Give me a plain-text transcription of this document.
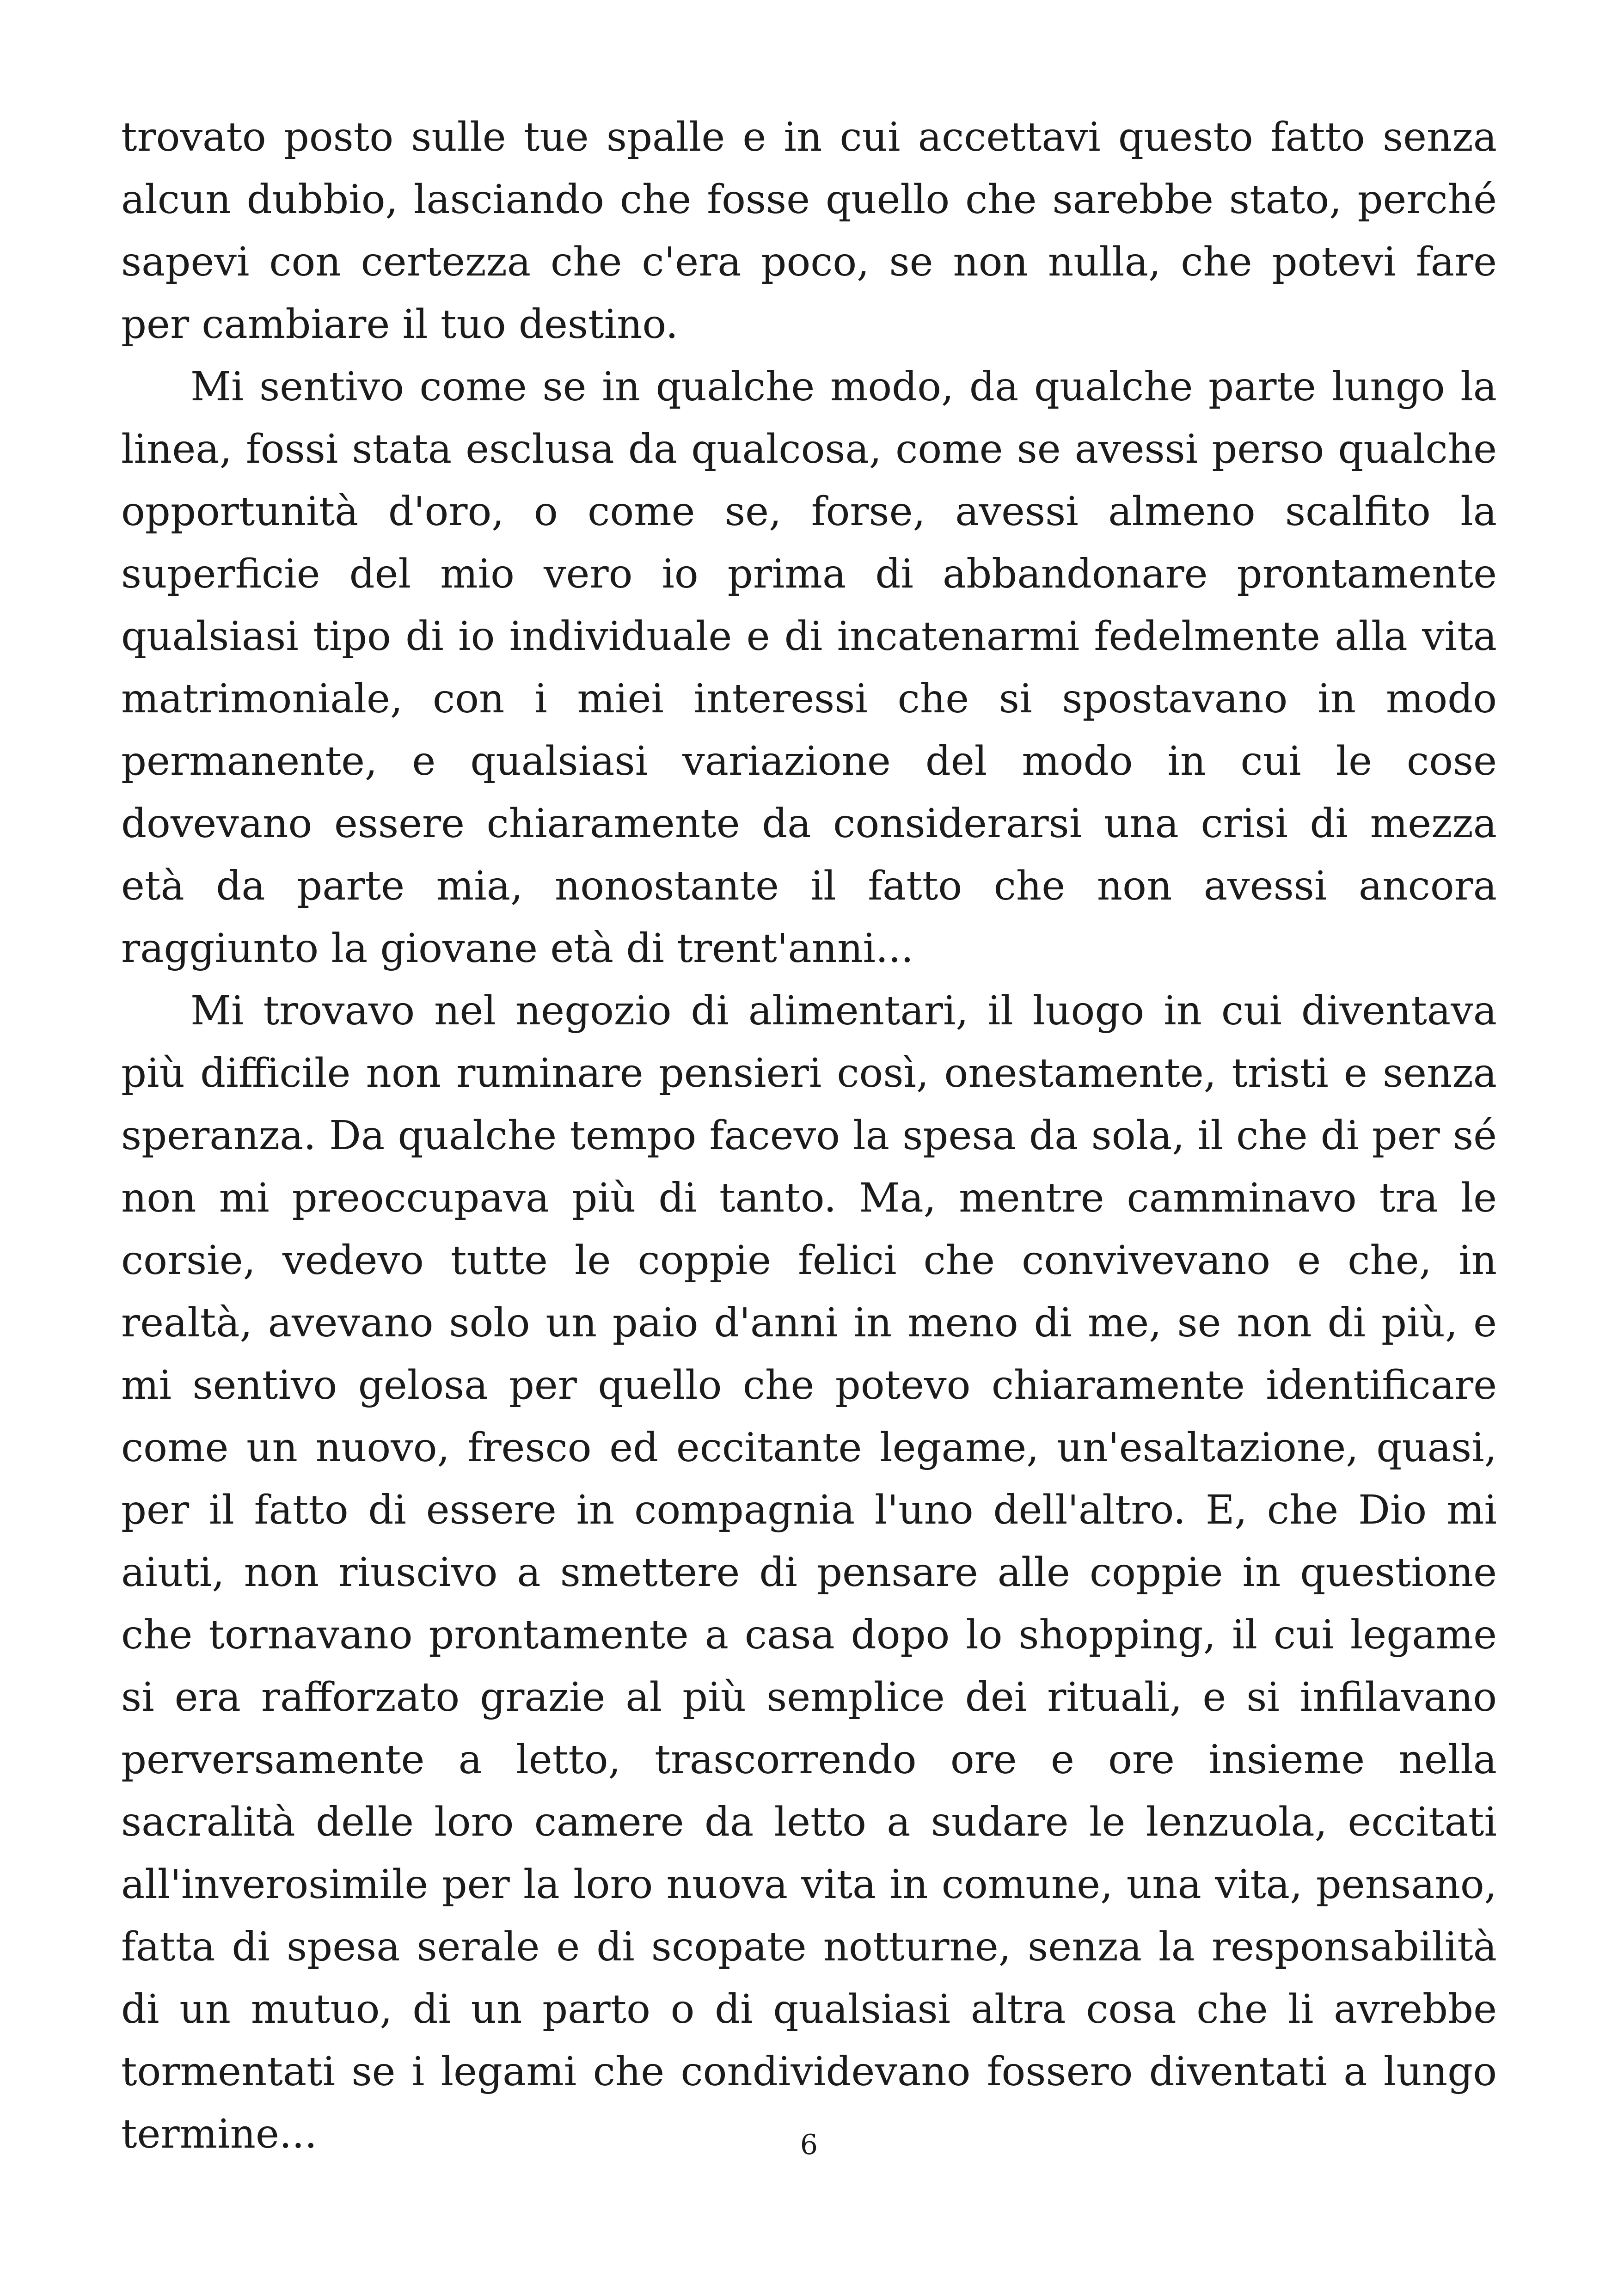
trovato posto sulle tue spalle e in cui accettavi questo fatto senza alcun dubbio, lasciando che fosse quello che sarebbe stato, perché sapevi con certezza che c'era poco, se non nulla, che potevi fare per cambiare il tuo destino.

Mi sentivo come se in qualche modo, da qualche parte lungo la linea, fossi stata esclusa da qualcosa, come se avessi perso qualche opportunità d'oro, o come se, forse, avessi almeno scalfito la superficie del mio vero io prima di abbandonare prontamente qualsiasi tipo di io individuale e di incatenarmi fedelmente alla vita matrimoniale, con i miei interessi che si spostavano in modo permanente, e qualsiasi variazione del modo in cui le cose dovevano essere chiaramente da considerarsi una crisi di mezza età da parte mia, nonostante il fatto che non avessi ancora raggiunto la giovane età di trent'anni...

Mi trovavo nel negozio di alimentari, il luogo in cui diventava più difficile non ruminare pensieri così, onestamente, tristi e senza speranza. Da qualche tempo facevo la spesa da sola, il che di per sé non mi preoccupava più di tanto. Ma, mentre camminavo tra le corsie, vedevo tutte le coppie felici che convivevano e che, in realtà, avevano solo un paio d'anni in meno di me, se non di più, e mi sentivo gelosa per quello che potevo chiaramente identificare come un nuovo, fresco ed eccitante legame, un'esaltazione, quasi, per il fatto di essere in compagnia l'uno dell'altro. E, che Dio mi aiuti, non riuscivo a smettere di pensare alle coppie in questione che tornavano prontamente a casa dopo lo shopping, il cui legame si era rafforzato grazie al più semplice dei rituali, e si infilavano perversamente a letto, trascorrendo ore e ore insieme nella sacralità delle loro camere da letto a sudare le lenzuola, eccitati all'inverosimile per la loro nuova vita in comune, una vita, pensano, fatta di spesa serale e di scopate notturne, senza la responsabilità di un mutuo, di un parto o di qualsiasi altra cosa che li avrebbe tormentati se i legami che condividevano fossero diventati a lungo termine...	6
